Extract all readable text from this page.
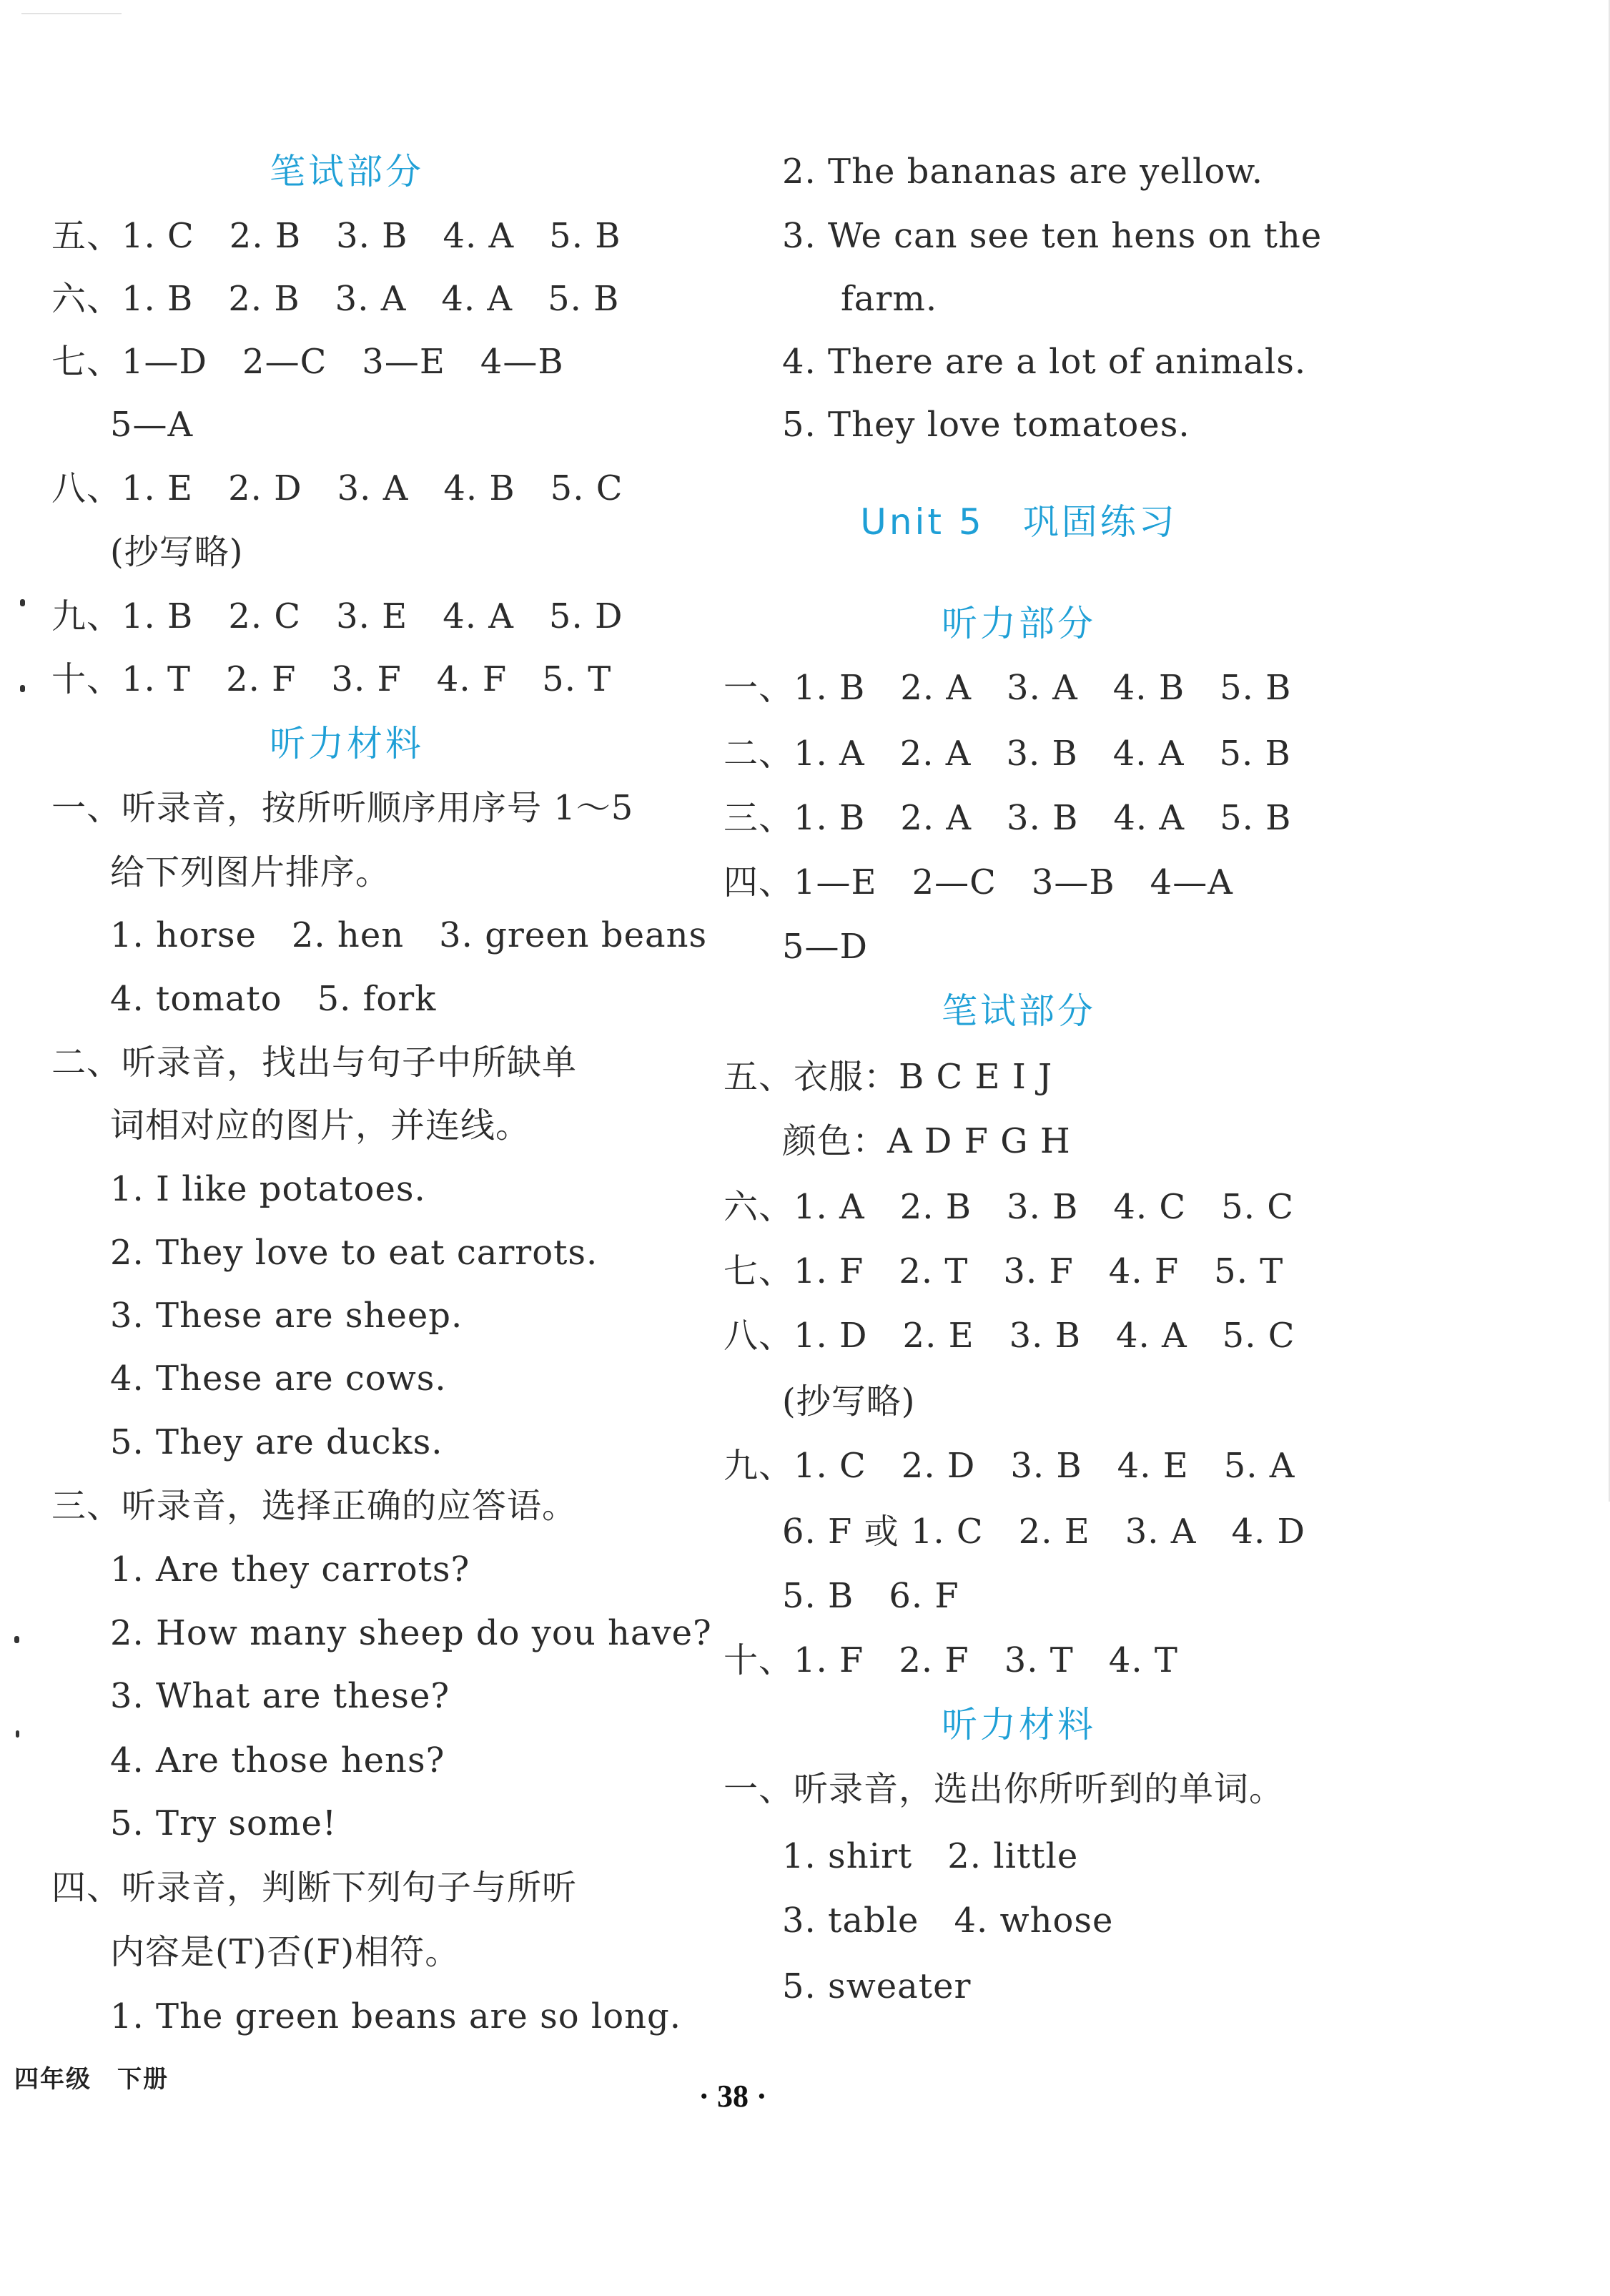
笔试部分
五、1. C　2. B　3. B　4. A　5. B
六、1. B　2. B　3. A　4. A　5. B
七、1—D　2—C　3—E　4—B
5—A
八、1. E　2. D　3. A　4. B　5. C
(抄写略)
九、1. B　2. C　3. E　4. A　5. D
十、1. T　2. F　3. F　4. F　5. T
听力材料
一、听录音，按所听顺序用序号 1～5
给下列图片排序。
1. horse　2. hen　3. green beans
4. tomato　5. fork
二、听录音，找出与句子中所缺单
词相对应的图片，并连线。
1. I like potatoes.
2. They love to eat carrots.
3. These are sheep.
4. These are cows.
5. They are ducks.
三、听录音，选择正确的应答语。
1. Are they carrots?
2. How many sheep do you have?
3. What are these?
4. Are those hens?
5. Try some!
四、听录音，判断下列句子与所听
内容是(T)否(F)相符。
1. The green beans are so long.
2. The bananas are yellow.
3. We can see ten hens on the
farm.
4. There are a lot of animals.
5. They love tomatoes.
Unit 5　巩固练习
听力部分
一、1. B　2. A　3. A　4. B　5. B
二、1. A　2. A　3. B　4. A　5. B
三、1. B　2. A　3. B　4. A　5. B
四、1—E　2—C　3—B　4—A
5—D
笔试部分
五、衣服：B C E I J
颜色：A D F G H
六、1. A　2. B　3. B　4. C　5. C
七、1. F　2. T　3. F　4. F　5. T
八、1. D　2. E　3. B　4. A　5. C
(抄写略)
九、1. C　2. D　3. B　4. E　5. A
6. F 或 1. C　2. E　3. A　4. D
5. B　6. F
十、1. F　2. F　3. T　4. T
听力材料
一、听录音，选出你所听到的单词。
1. shirt　2. little
3. table　4. whose
5. sweater
四年级　下册	· 38 ·
